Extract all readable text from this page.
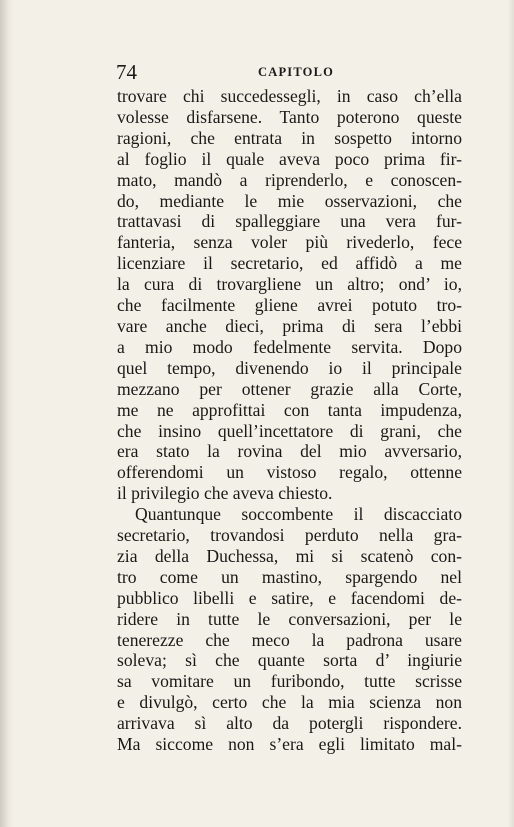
74	CAPITOLO
trovare chi succedessegli, in caso ch’ella
volesse disfarsene. Tanto poterono queste
ragioni, che entrata in sospetto intorno
al foglio il quale aveva poco prima fir-
mato, mandò a riprenderlo, e conoscen-
do, mediante le mie osservazioni, che
trattavasi di spalleggiare una vera fur-
fanteria, senza voler più rivederlo, fece
licenziare il secretario, ed affidò a me
la cura di trovargliene un altro; ond’ io,
che facilmente gliene avrei potuto tro-
vare anche dieci, prima di sera l’ebbi
a mio modo fedelmente servita. Dopo
quel tempo, divenendo io il principale
mezzano per ottener grazie alla Corte,
me ne approfittai con tanta impudenza,
che insino quell’incettatore di grani, che
era stato la rovina del mio avversario,
offerendomi un vistoso regalo, ottenne
il privilegio che aveva chiesto.
Quantunque soccombente il discacciato
secretario, trovandosi perduto nella gra-
zia della Duchessa, mi si scatenò con-
tro come un mastino, spargendo nel
pubblico libelli e satire, e facendomi de-
ridere in tutte le conversazioni, per le
tenerezze che meco la padrona usare
soleva; sì che quante sorta d’ ingiurie
sa vomitare un furibondo, tutte scrisse
e divulgò, certo che la mia scienza non
arrivava sì alto da potergli rispondere.
Ma siccome non s’era egli limitato mal-
